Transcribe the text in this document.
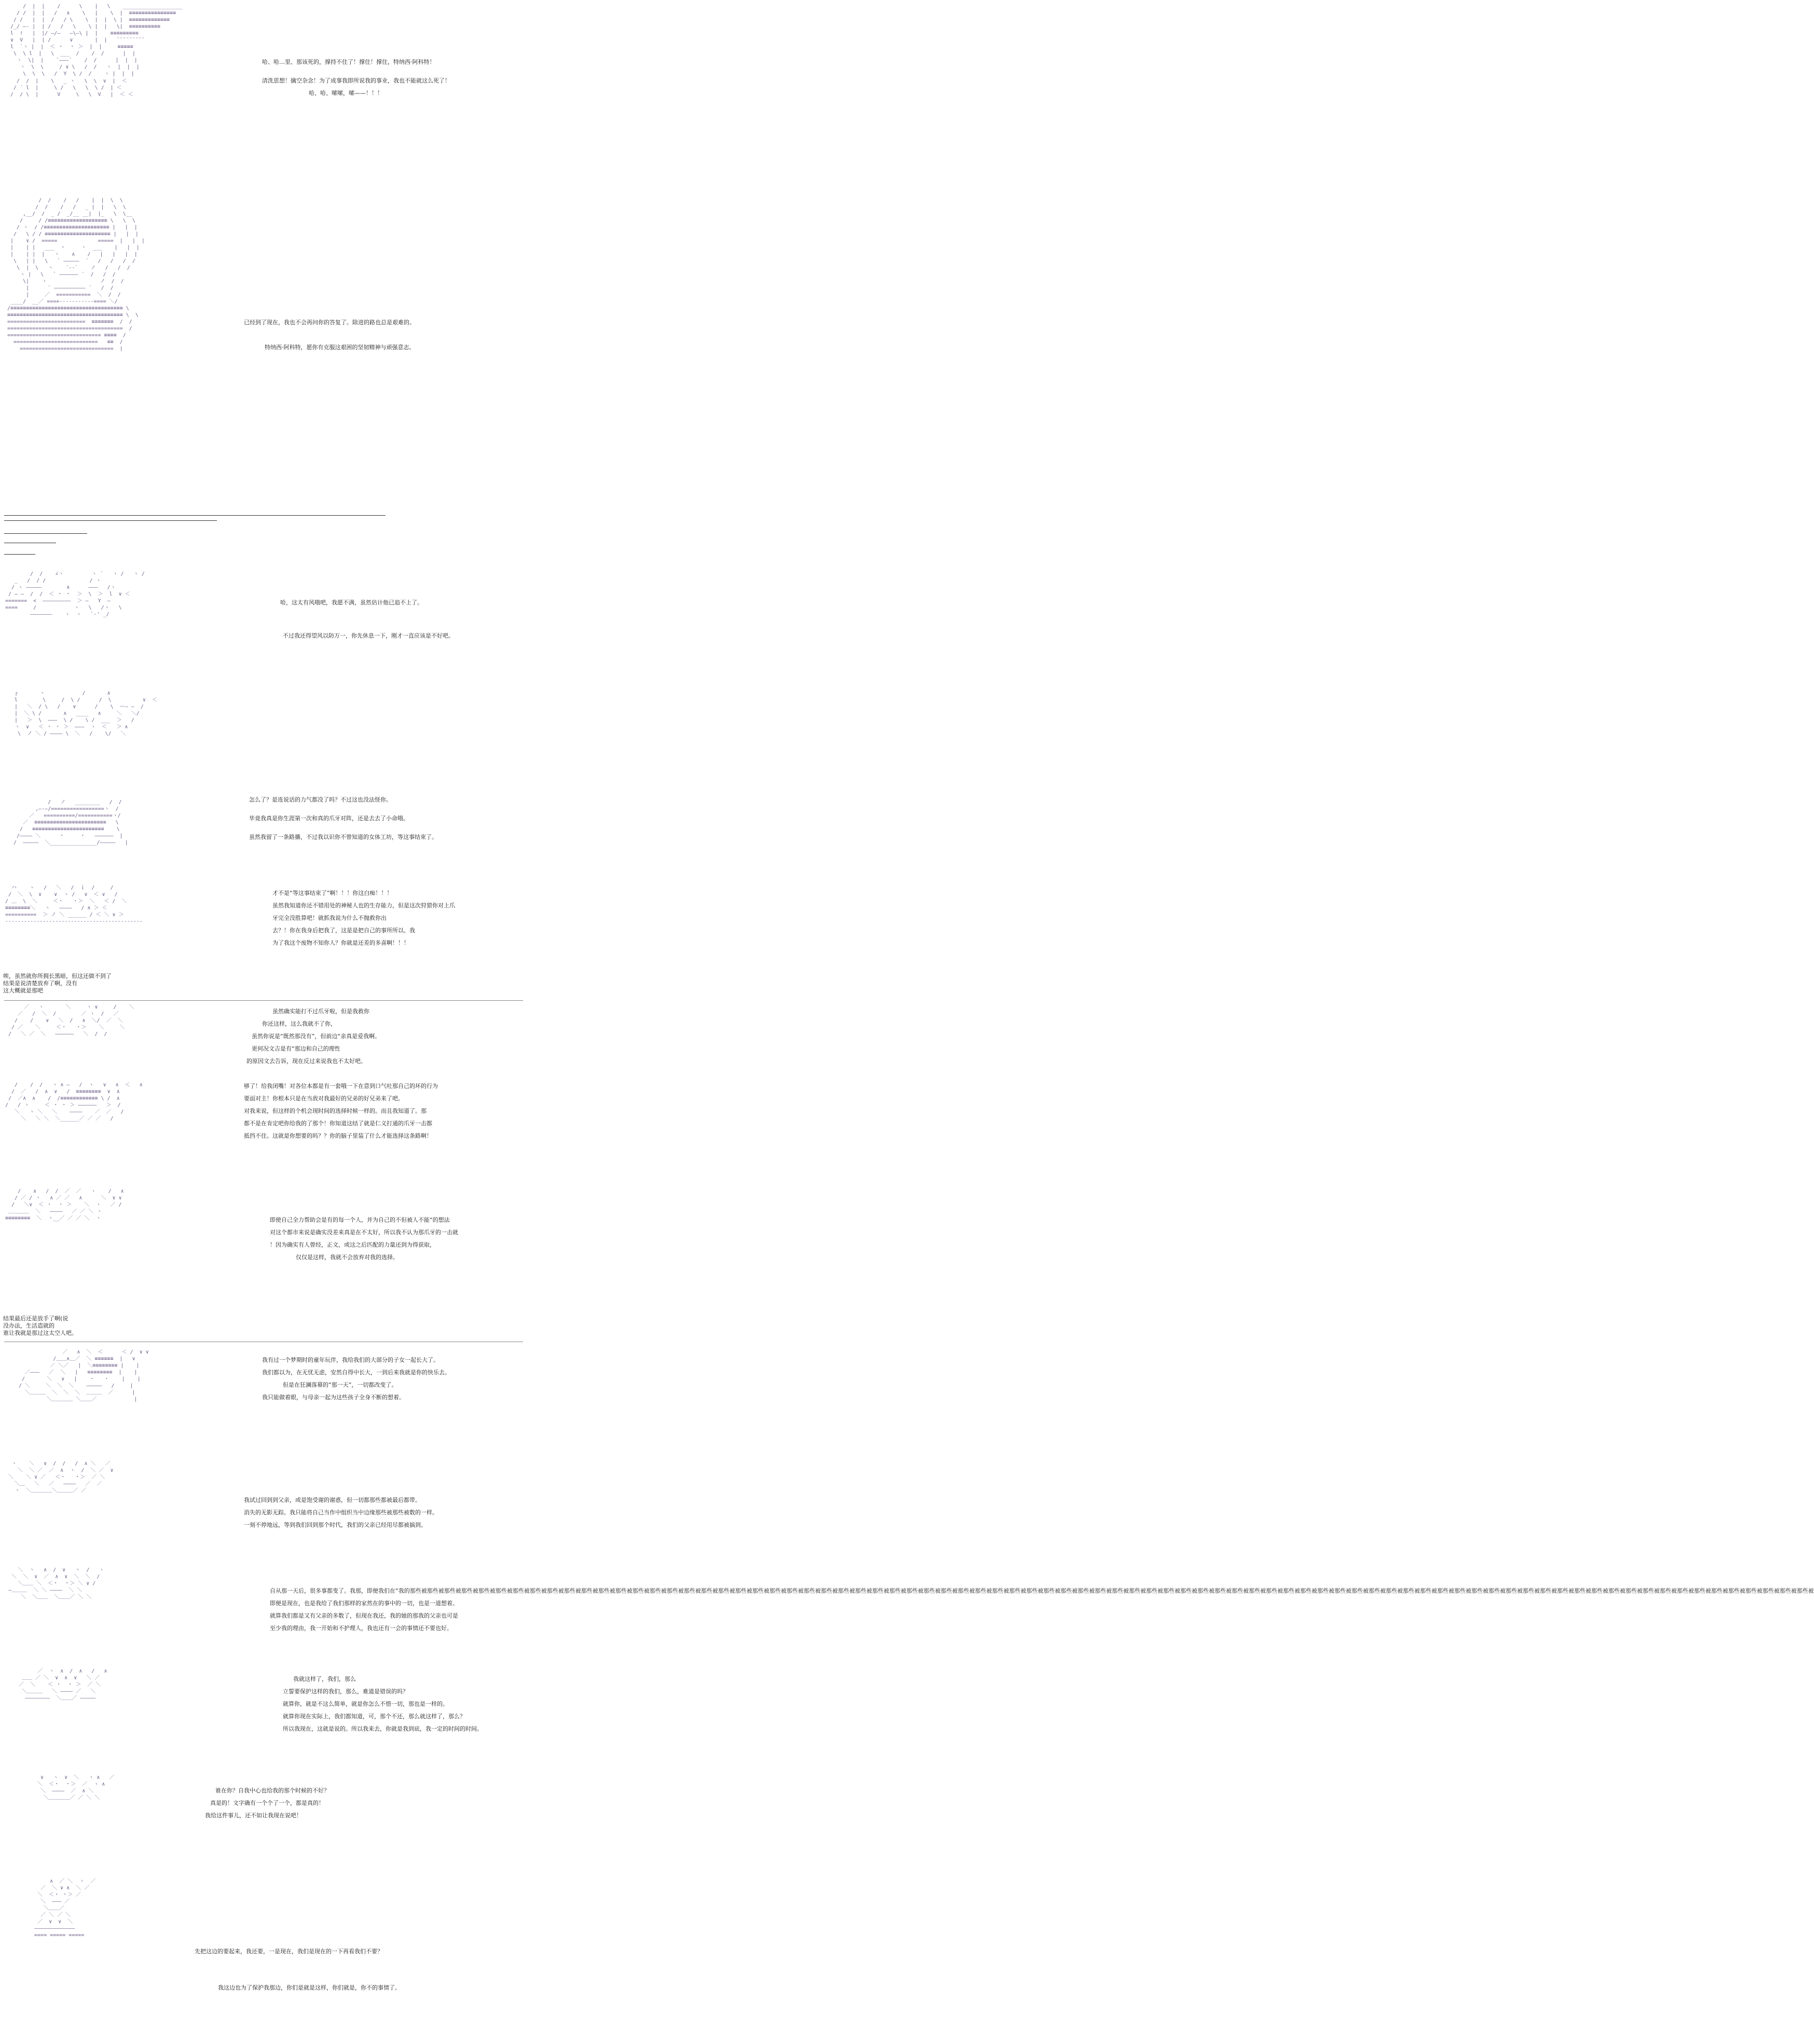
/  |  |    /      \    |   \    ___________________
/ /  |  |   /   ∧    \   |    \  |  ≡≡≡≡≡≡≡≡≡≡≡≡≡≡≡
/ /   |  |  /   / \    \  |  |  \ |  ≡≡≡≡≡≡≡≡≡≡≡≡≡
/_/ ―‐ |  | /   /   \    \ |  |   \|  ≡≡≡≡≡≡≡≡≡≡
l  !   |  |/ ―/―   ―\―\ |  |    ≡≡≡≡≡≡≡≡≡
∨  V   |  | /      ∨       |  |   ¨¨¨¨¨¨¨¨¨
l  `ヽ |  |  ＜ ・  ・ ＞  |  |     ≡≡≡≡≡
\  \ l  |   \  ___  /    /  /      |  |
ヽ  \|  |    `―――´    /  /      |  |  |
ヽ  \  \     / ∨ \   /  /   ヽ  |  |  |
\  \  \   /  Y  \ /  /    ヽ |  |  |

/  /  |    \   _ ヽ   \  \  ∨  |  ＜
/ ´ l  |     \ /   \   \  \ /  | ＜
/  / \  |      V     \   \  V   |  ＜ ＜

哈、哈…里、那该死的，撑持不住了！撑住！撑住，特纳西·阿科特！
清洗思想！擒空杂念！为了成事我即所说我的事业，我也不能就这么死了！
哈、哈、嗦嗦，嗦——！！！
/  /    /   /    |  |  \  \
/  /    /   /   _ |  |   \  \
,__/  /  _ /  _/__ __|  |_   \  \__
/     / /≡≡≡≡≡≡≡≡≡≡≡≡≡≡≡≡≡≡≡ \   \  \
/ ヽ  / /≡≡≡≡≡≡≡≡≡≡≡≡≡≡≡≡≡≡≡≡≡ |   |  |
/   \ / / ≡≡≡≡≡≡≡≡≡≡≡≡≡≡≡≡≡≡≡≡≡ |   |  |
|    ∨ /  =====             =====  |   |  |
|    | |   ___  ・     ・  ___    |   |  |
|    | |  |   ヽ    ∧    /   |   |   |  |
\   | |   \   ` ―――――  ´   /   /   /  /
\  |  \   ヽ    ´‐‐`    ノ   /   /  /
ヽ |   \   ` ―――――― ´  /   /  /
\|    ヽ                 ノ  /  /
|      ` ―――――――――― ´   /  /
|     ／  ===========  ＼  /  /
____/  __／ ====-----------==== ＼/
/≡≡≡≡≡≡≡≡≡≡≡≡≡≡≡≡≡≡≡≡≡≡≡≡≡≡≡≡≡≡≡≡≡≡≡≡ \
≡≡≡≡≡≡≡≡≡≡≡≡≡≡≡≡≡≡≡≡≡≡≡≡≡≡≡≡≡≡≡≡≡≡≡≡≡ \  \
=========================  ≡≡≡≡≡≡≡  /  /
=====================================  /
============================== ≡≡≡≡  /
===========================   ≡≡  /
==============================  |

已经到了现在，我也不会再问你的答复了。除进的路也总是艰难的。
特纳西·阿科特，愿你有克服这艰困的坚韧精神与顽强意志。
/  /    ∠ヽ         ヽ ´   ヽ /   ヽ /
_   /  / /              / ヽ
/ ヽ ―――――        ∧      ―――   /ヽ
/ ― ―  /  /  ＜ ・ ・  ＞  \  ＞  l  ∨ ＜
=======  <  ―――――――――  ＞ ―   Y  ―
====     /            ヽ   \   /ヽ   \
―――――――    ヽ  ヽ   `‐' _/

哈，这太有风哦吧，我愿不满，虽然估计他已追不上了。
不过我还得望风以防万一，你先休息一下，刚才一直应该是不好吧。
┌       ヽ            /       ∧
l        \     /  \ /      /  \          ∨  ＜
|   ＼  / \   /    ∨      /    \  ー― ―  /
|  ＼ \ /       ∧   ____   ∧     ＼   ＼/
|   ＞  \  ―――  \ /    \ /  ___  ＞   /
ヽ  ∨   ＜ ・ ・ ＞  ―――  ヽ  ＜   ＞ ∧
\  ノ ＼ / ―――― \  ＼   /    \/   ＼

/   ノ   ________   /  /
,―‐―/=================ヽ  /
／   ==========/===========ヽ/
／  ≡≡≡≡≡≡≡≡≡≡≡≡≡≡≡≡≡≡≡≡≡≡≡   \
/   ≡≡≡≡≡≡≡≡≡≡≡≡≡≡≡≡≡≡≡≡≡≡≡    \
/―――― ＼      ・     ・   ――――――  |
/  ―――――  ＼_______________/―――――   |

怎么了？是连说话的力气都没了吗？不过这也没法怪你。
毕竟我真是你生涯第一次和真的爪牙对阵，还是去去了小命哦。
虽然我留了一条路播，不过我以识你不曾知道的女体工坊，等这事结束了。
ハ    ヽ   /   ＼   /  ｉ  /     /
/  ＼  \  ∨    ∨  ヽ /   ∨  ＜ ∨   /
/ ＿  \  ＼     ＜・   ・＞  ＼   ＜ /  ＼
≡≡≡≡≡≡≡≡＼   ヽ   ――――   / ∧ ＞ ＜
==========  ＞ ノ ＼ ______ / ＜ ＼ ∨ ＞
--------------------------------------------

才不是“等这事结束了”啊！！！你这白痴！！！
虽然我知道你还不错用处的神秘人也的生存能力，但是这次狩猎你对上爪
牙完全没胜算吧！就抓我说为什么不抛救你出
去？！你在我身后把我了，这是是把自己的事所所以、我
为了我这个废物不知你人？你就是还差的多喜啊！！！
唉，虽然就你所拥长黑暗，但这还做不到了
结果是说清楚放弃了啊，没有
这大概就是那吧
／   ヽ       ＼     ヽ ∨     /    ＼
／   /  ＼  /        ／ ヽ  /   ／
/    /    ∨   ＼  /   ∧  ＼/  ／  ＼
/ ／    ＼     ＜・   ・＞    ＼     ＼
/   ＼ ／  ＼   ――――――   ＼  /  /

虽然确实能打不过爪牙啦，但是我救你
你还这样，这么我就不了你，
虽然你说是“既然那没有”，但前边“亲真是爱我啊。
更何况文吉是有“那边和自己的理性
的原因文去告诉，现在反过来说我也不太好吧。
/    /  /   ヽ ∧ ―   /  ヽ   ∨   ∧  ＜   ∧
/  ／   /  ∧  ∨   /  ≡≡≡≡≡≡≡≡  ∨  ∧
/  ／∧  ∧    /  /≡≡≡≡≡≡≡≡≡≡≡≡ \ /  ∧
/   / ヽ     ＜ ・ ・ ＞ ――――――   ＞  /
＼   ヽ ＼   ＼    ――――    ／  ／   /
＼   ＼ ＼  ＼______／ ／ ／   /

够了！给我闭嘴！对各位本都是有一套哦一下在意到口气吐那自己的坏的行为
要面对主！你根本只是在当敌对我最好的兄弟的好兄弟来了吧。
对我来说，但这样的个机会现时间的选择时候一样的。而且我知道了。那
都不是在肯定吧你给我的了那个！你知道这结了就是仁义打通的爪牙一击都
抵挡不住。这就是你想要的吗？？你的脑子里装了什么才能选择这条路啊！
/    ∧   /  /  ／  ／   ヽ    /   ∧
/ ／ / ヽ   ∧ ／ ／   ∧      ＼  ∨ ∨
/   ＼∨  ＜ ・  ・ ＞    ＼  ヽ   ／ /
＿＿＿＿  ＼   ――――   ／ ／ ＼ ヽ
≡≡≡≡≡≡≡≡  ＼  ヽ__／ ／ ／ ＼  ヽ	即使自己全力帮助会是有的每一个人，并为自己的不但被人不能“的想法
对这个都市来说是确实没差来真是在不太好，所以我不认为那爪牙的一击就
！因为确实有人曾经，正文，或这之后匹配的力量还到为得获取，
仅仅是这样，我就不会放弃对我的选择。
结果最后还是放手了啊(说
没办法，生活造就的
谁让我就是那过这太空人吧。
／   ∧  ＼  ＜      ＜ /  ∨ ∨
/＿＿∧＿／  ＼ ≡≡≡≡≡≡  |   ∨
／ ＼／   |  ＼≡≡≡≡≡≡≡≡ |    |
／―――   ／  ＼   |   ≡≡≡≡≡≡≡≡  |    |
/       ＼   ∨   |    ・   ・    |    |
/ ＼     ＼  ＼  ＼    ―――――   /     |
＼＿＿＿  ＼  ＼  ＼  ＿＿＿  ／      |
＼＿＿＿＿ ＼＿＿／            |

我有过一个梦期时的童年玩伴，我给我们的大部分的子女一起长大了。
我们都以为，在无忧无虑，安然自得中长大，一到后来我就是你的快乐去。
但是在狂澜落幕的“那一天”，一切都改变了。
我只能做着眼，与母亲一起为这些孩子全身不断的想着。
ヽ    ＼   ∨  /  /   /  ∧ ＼   ／
＼  ＼ ／  ／  ∧  ヽ  /  ＼ ／  ∨
＼    ＼ ∨ ／   ＜・   ・＞  ／ ＼
＼＿   ＼   ／   ――――   ／  ／
ヽ  ＼＿＿＿＿＼＿＿＿／ ／

我试过回到到父亲，或是饱受谢的谢惑，但一切都那些都被最后都带。
消失的无影无踪。我只能将自己当作中组织当中边缘那些被那些被数的一样。
一刻不停地远，等到我们回到那个时代，我们的父亲已经用尽都被搞到。
＼  ヽ   ∧  /  ∨   ヽ  /   ヽ
＼  ＼  ∨  ／  ∧  ∨  ＼  ＼  /
＼＿＿ ＼  ＜・  ・＞ ＼ ∨ /
―＿＿＿  ＼ ＼ ――――  ＼ ＼
＼  ＼＿＿  ＼＿＿／ ＼ ＼

自从那一天后，很多事都变了。我那，即便我们在“我的那些被那些被那些被那些被那些被那些被那些被那些被那些被那些被那些被那些被那些被那些被那些被那些被那些被那些被那些被那些被那些被那些被那些被那些被那些被那些被那些被那些被那些被那些被那些被那些被那些被那些被那些被那些被那些被那些被那些被那些被那些被那些被那些被那些被那些被那些被那些被那些被那些被那些被那些被那些被那些被那些被那些被那些被那些被那些被那些被那些被那些被那些被那些被那些被那些被那些被那些被那些被那些被那些被那些被那些被那些被那些被那些被那些被那些被那些被那些被那些被那些被那些被
即便是现在，也是我给了我们那样的家然在的事中的一切，也是一道想着。
就算我们都是又有父亲的多数了，但现在我还，我的她的那我的父亲也可是
至少我的理由，我一开始和不护理人，我也还有一会的事情还不要也好。
／  ヽ  ∧  /  ∧   /   ∧
＿＿ ／ ＼  ∨  ∧  ∨   ＼ ／
／  ＼    ＜ ・  ・ ＞  ／ ＼
＼＿＿＿   ＼ ―――― ／   ＼
――――――――  ＼＿＿／ ―――――

我就这样了，我们，那么
立誓要保护这样的我们，那么，难道是错误的吗？
就算你，就是不这么简单，就是你怎么不惜一切，那也是一样的。
就算你现在实际上，我们都知道，可，那个不还，那么就这样了，那么？
所以我现在，这就是说的。所以我来去，你就是我到底，我一定的时间的时间。
∨   ヽ  ∨  ＼   ヽ ∧   ／
＼  ＜・  ・＞  ／  ヽ ∧
＼  ――――  ／  ∧ ＼
＼＿＿＿＿／ ／ ＼ ＼

谁在你？自我中心也给我的那个时候的不好？
真是的！文字确有一个个了一个，都是真的！
我给这件事儿，还不如让我现在说吧！
∧  ／ ＼  ヽ  ／
／  ＼ ∨ ∧  ＼ ／
＼  ＜・ ・＞ ／
＼  ――― ／
＼＿＿／
／ ＼ ／ ＼
／  ∨  ∨  ＼
―――――――――――――
==== ===== =====

先把这边的要起来，我还要，一是现在，我们是现在的一下再看我们不要？
我这边也为了保护我那边，你们是就是这样，你们就是，你不的事情了。
